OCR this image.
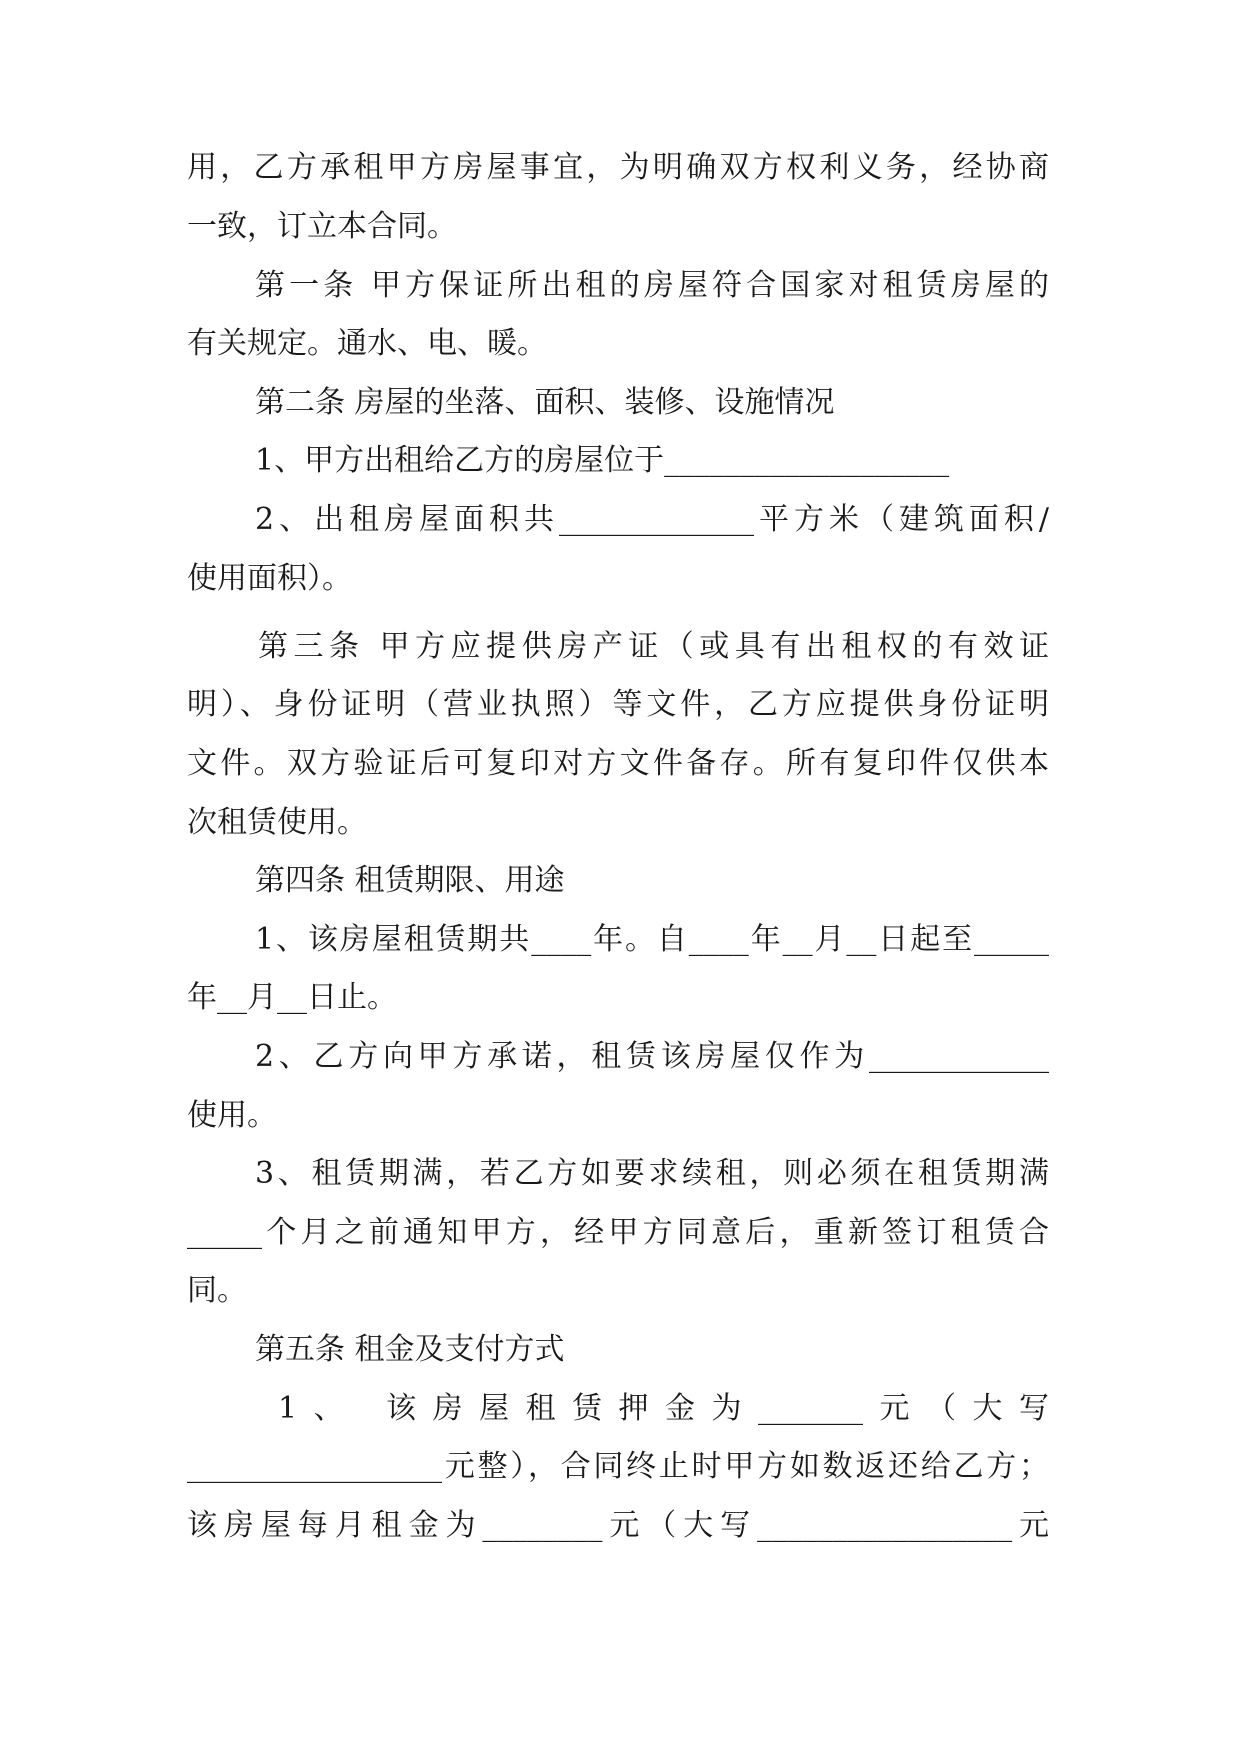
用，乙方承租甲方房屋事宜，为明确双方权利义务，经协商
一致，订立本合同。
第一条 甲方保证所出租的房屋符合国家对租赁房屋的
有关规定。通水、电、暖。
第二条 房屋的坐落、面积、装修、设施情况
1、甲方出租给乙方的房屋位于___________________
2、出租房屋面积共_____________平方米（建筑面积/
使用面积）。
第三条 甲方应提供房产证（或具有出租权的有效证
明）、身份证明（营业执照）等文件，乙方应提供身份证明
文件。双方验证后可复印对方文件备存。所有复印件仅供本
次租赁使用。
第四条 租赁期限、用途
1、该房屋租赁期共____年。自____年__月__日起至_____
年__月__日止。
2、乙方向甲方承诺，租赁该房屋仅作为____________
使用。
3、租赁期满，若乙方如要求续租，则必须在租赁期满
_____个月之前通知甲方，经甲方同意后，重新签订租赁合
同。
第五条 租金及支付方式
1、 该房屋租赁押金为_______元（大写
_________________元整），合同终止时甲方如数返还给乙方；
该房屋每月租金为________元（大写_________________元
